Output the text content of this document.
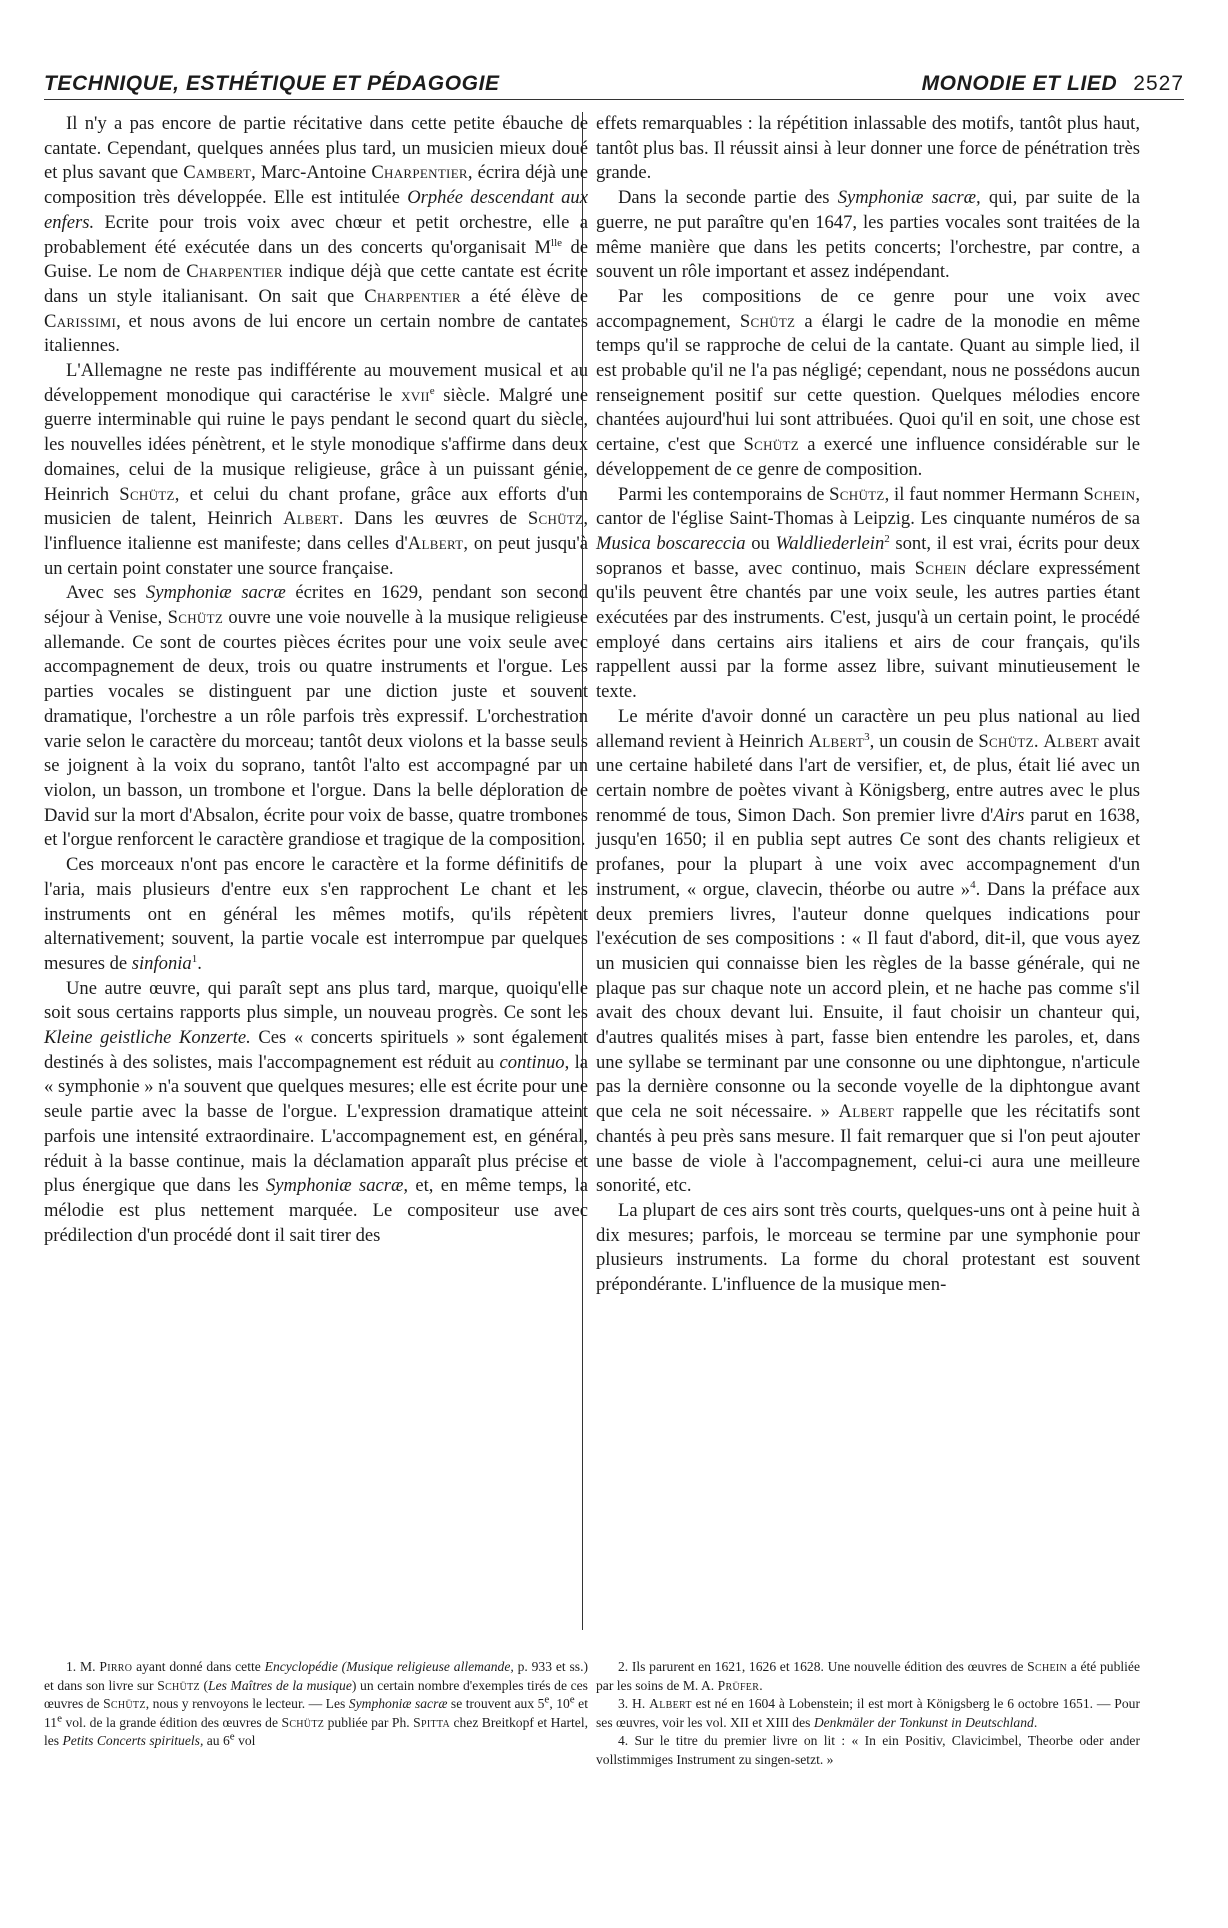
TECHNIQUE, ESTHÉTIQUE ET PÉDAGOGIE	MONODIE ET LIED 2527

Il n'y a pas encore de partie récitative dans cette petite ébauche de cantate. Cependant, quelques années plus tard, un musicien mieux doué et plus savant que Cambert, Marc-Antoine Charpentier, écrira déjà une composition très développée. Elle est intitulée Orphée descendant aux enfers. Ecrite pour trois voix avec chœur et petit orchestre, elle a probablement été exécutée dans un des concerts qu'organisait $M^{lle}$ de Guise. Le nom de Charpentier indique déjà que cette cantate est écrite dans un style italianisant. On sait que Charpentier a été élève de Carissimi, et nous avons de lui encore un certain nombre de cantates italiennes.

L'Allemagne ne reste pas indifférente au mouvement musical et au développement monodique qui caractérise le xvii$^e$ siècle. Malgré une guerre interminable qui ruine le pays pendant le second quart du siècle, les nouvelles idées pénètrent, et le style monodique s'affirme dans deux domaines, celui de la musique religieuse, grâce à un puissant génie, Heinrich Schütz, et celui du chant profane, grâce aux efforts d'un musicien de talent, Heinrich Albert. Dans les œuvres de Schütz, l'influence italienne est manifeste; dans celles d'Albert, on peut jusqu'à un certain point constater une source française.

Avec ses Symphoniæ sacræ écrites en 1629, pendant son second séjour à Venise, Schütz ouvre une voie nouvelle à la musique religieuse allemande. Ce sont de courtes pièces écrites pour une voix seule avec accompagnement de deux, trois ou quatre instruments et l'orgue. Les parties vocales se distinguent par une diction juste et souvent dramatique, l'orchestre a un rôle parfois très expressif. L'orchestration varie selon le caractère du morceau; tantôt deux violons et la basse seuls se joignent à la voix du soprano, tantôt l'alto est accompagné par un violon, un basson, un trombone et l'orgue. Dans la belle déploration de David sur la mort d'Absalon, écrite pour voix de basse, quatre trombones et l'orgue renforcent le caractère grandiose et tragique de la composition.

Ces morceaux n'ont pas encore le caractère et la forme définitifs de l'aria, mais plusieurs d'entre eux s'en rapprochent Le chant et les instruments ont en général les mêmes motifs, qu'ils répètent alternativement; souvent, la partie vocale est interrompue par quelques mesures de sinfonia$^1$.

Une autre œuvre, qui paraît sept ans plus tard, marque, quoiqu'elle soit sous certains rapports plus simple, un nouveau progrès. Ce sont les Kleine geistliche Konzerte. Ces « concerts spirituels » sont également destinés à des solistes, mais l'accompagnement est réduit au continuo, la « symphonie » n'a souvent que quelques mesures; elle est écrite pour une seule partie avec la basse de l'orgue. L'expression dramatique atteint parfois une intensité extraordinaire. L'accompagnement est, en général, réduit à la basse continue, mais la déclamation apparaît plus précise et plus énergique que dans les Symphoniæ sacræ, et, en même temps, la mélodie est plus nettement marquée. Le compositeur use avec prédilection d'un procédé dont il sait tirer des

effets remarquables : la répétition inlassable des motifs, tantôt plus haut, tantôt plus bas. Il réussit ainsi à leur donner une force de pénétration très grande.

Dans la seconde partie des Symphoniæ sacræ, qui, par suite de la guerre, ne put paraître qu'en 1647, les parties vocales sont traitées de la même manière que dans les petits concerts; l'orchestre, par contre, a souvent un rôle important et assez indépendant.

Par les compositions de ce genre pour une voix avec accompagnement, Schütz a élargi le cadre de la monodie en même temps qu'il se rapproche de celui de la cantate. Quant au simple lied, il est probable qu'il ne l'a pas négligé; cependant, nous ne possédons aucun renseignement positif sur cette question. Quelques mélodies encore chantées aujourd'hui lui sont attribuées. Quoi qu'il en soit, une chose est certaine, c'est que Schütz a exercé une influence considérable sur le développement de ce genre de composition.

Parmi les contemporains de Schütz, il faut nommer Hermann Schein, cantor de l'église Saint-Thomas à Leipzig. Les cinquante numéros de sa Musica boscareccia ou Waldliederlein$^2$ sont, il est vrai, écrits pour deux sopranos et basse, avec continuo, mais Schein déclare expressément qu'ils peuvent être chantés par une voix seule, les autres parties étant exécutées par des instruments. C'est, jusqu'à un certain point, le procédé employé dans certains airs italiens et airs de cour français, qu'ils rappellent aussi par la forme assez libre, suivant minutieusement le texte.

Le mérite d'avoir donné un caractère un peu plus national au lied allemand revient à Heinrich Albert$^3$, un cousin de Schütz. Albert avait une certaine habileté dans l'art de versifier, et, de plus, était lié avec un certain nombre de poètes vivant à Königsberg, entre autres avec le plus renommé de tous, Simon Dach. Son premier livre d'Airs parut en 1638, jusqu'en 1650; il en publia sept autres Ce sont des chants religieux et profanes, pour la plupart à une voix avec accompagnement d'un instrument, « orgue, clavecin, théorbe ou autre »$^4$. Dans la préface aux deux premiers livres, l'auteur donne quelques indications pour l'exécution de ses compositions : « Il faut d'abord, dit-il, que vous ayez un musicien qui connaisse bien les règles de la basse générale, qui ne plaque pas sur chaque note un accord plein, et ne hache pas comme s'il avait des choux devant lui. Ensuite, il faut choisir un chanteur qui, d'autres qualités mises à part, fasse bien entendre les paroles, et, dans une syllabe se terminant par une consonne ou une diphtongue, n'articule pas la dernière consonne ou la seconde voyelle de la diphtongue avant que cela ne soit nécessaire. » Albert rappelle que les récitatifs sont chantés à peu près sans mesure. Il fait remarquer que si l'on peut ajouter une basse de viole à l'accompagnement, celui-ci aura une meilleure sonorité, etc.

La plupart de ces airs sont très courts, quelques-uns ont à peine huit à dix mesures; parfois, le morceau se termine par une symphonie pour plusieurs instruments. La forme du choral protestant est souvent prépondérante. L'influence de la musique men-

1. M. Pirro ayant donné dans cette Encyclopédie (Musique religieuse allemande, p. 933 et ss.) et dans son livre sur Schütz (Les Maîtres de la musique) un certain nombre d'exemples tirés de ces œuvres de Schütz, nous y renvoyons le lecteur. — Les Symphoniæ sacræ se trouvent aux 5e, 10e et 11e vol. de la grande édition des œuvres de Schütz publiée par Ph. Spitta chez Breitkopf et Hartel, les Petits Concerts spirituels, au 6e vol

2. Ils parurent en 1621, 1626 et 1628. Une nouvelle édition des œuvres de Schein a été publiée par les soins de M. A. Prüfer.

3. H. Albert est né en 1604 à Lobenstein; il est mort à Königsberg le 6 octobre 1651. — Pour ses œuvres, voir les vol. XII et XIII des Denkmäler der Tonkunst in Deutschland.

4. Sur le titre du premier livre on lit : « In ein Positiv, Clavicimbel, Theorbe oder ander vollstimmiges Instrument zu singen-setzt. »
